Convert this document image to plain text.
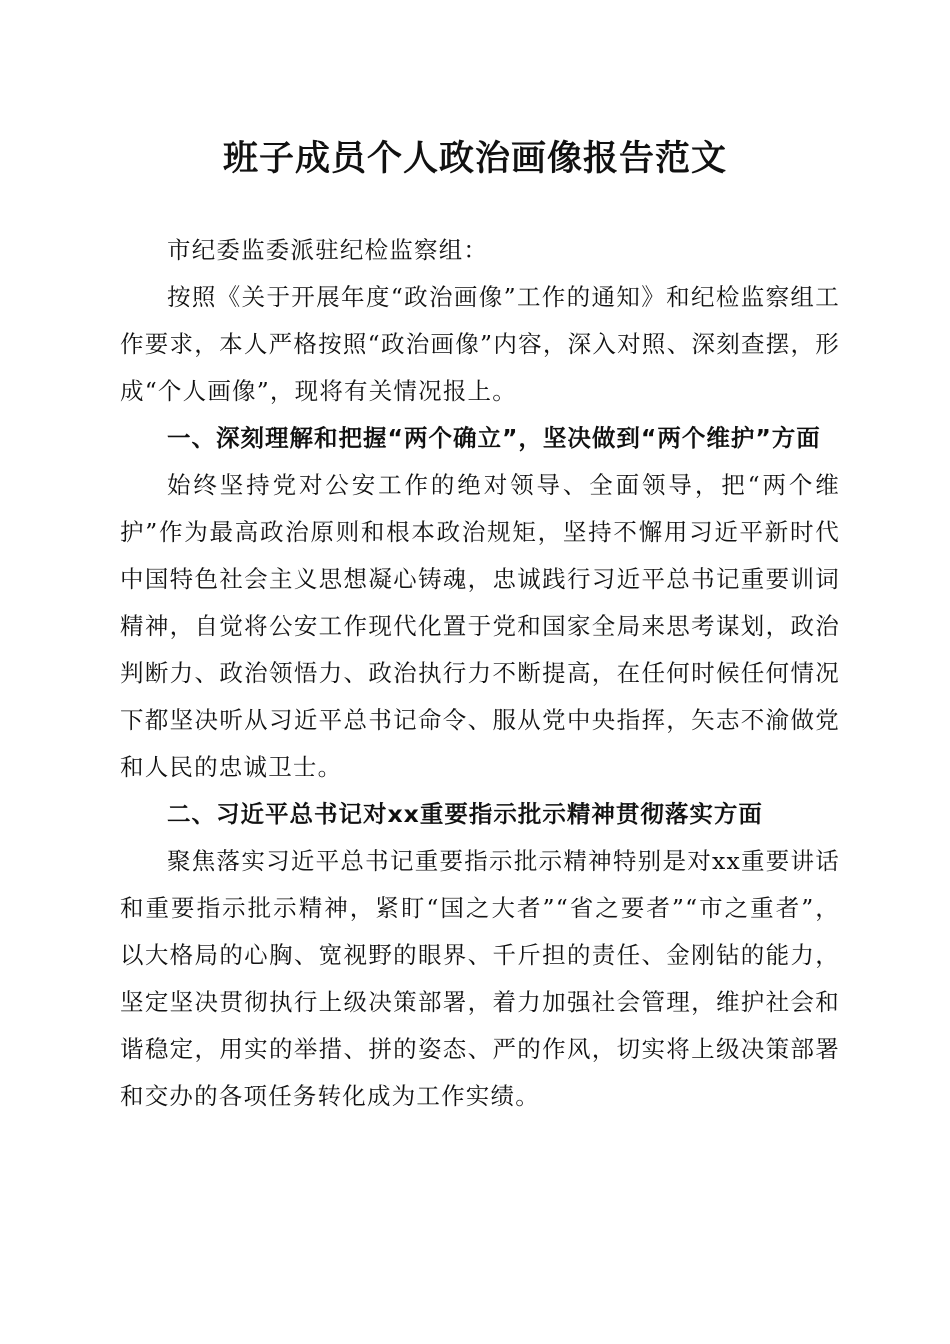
班子成员个人政治画像报告范文

市纪委监委派驻纪检监察组：

按照《关于开展年度“政治画像”工作的通知》和纪检监察组工作要求，本人严格按照“政治画像”内容，深入对照、深刻查摆，形成“个人画像”，现将有关情况报上。

一、深刻理解和把握“两个确立”，坚决做到“两个维护”方面

始终坚持党对公安工作的绝对领导、全面领导，把“两个维护”作为最高政治原则和根本政治规矩，坚持不懈用习近平新时代中国特色社会主义思想凝心铸魂，忠诚践行习近平总书记重要训词精神，自觉将公安工作现代化置于党和国家全局来思考谋划，政治判断力、政治领悟力、政治执行力不断提高，在任何时候任何情况下都坚决听从习近平总书记命令、服从党中央指挥，矢志不渝做党和人民的忠诚卫士。

二、习近平总书记对xx重要指示批示精神贯彻落实方面

聚焦落实习近平总书记重要指示批示精神特别是对xx重要讲话和重要指示批示精神，紧盯“国之大者”“省之要者”“市之重者”，以大格局的心胸、宽视野的眼界、千斤担的责任、金刚钻的能力，坚定坚决贯彻执行上级决策部署，着力加强社会管理，维护社会和谐稳定，用实的举措、拼的姿态、严的作风，切实将上级决策部署和交办的各项任务转化成为工作实绩。
